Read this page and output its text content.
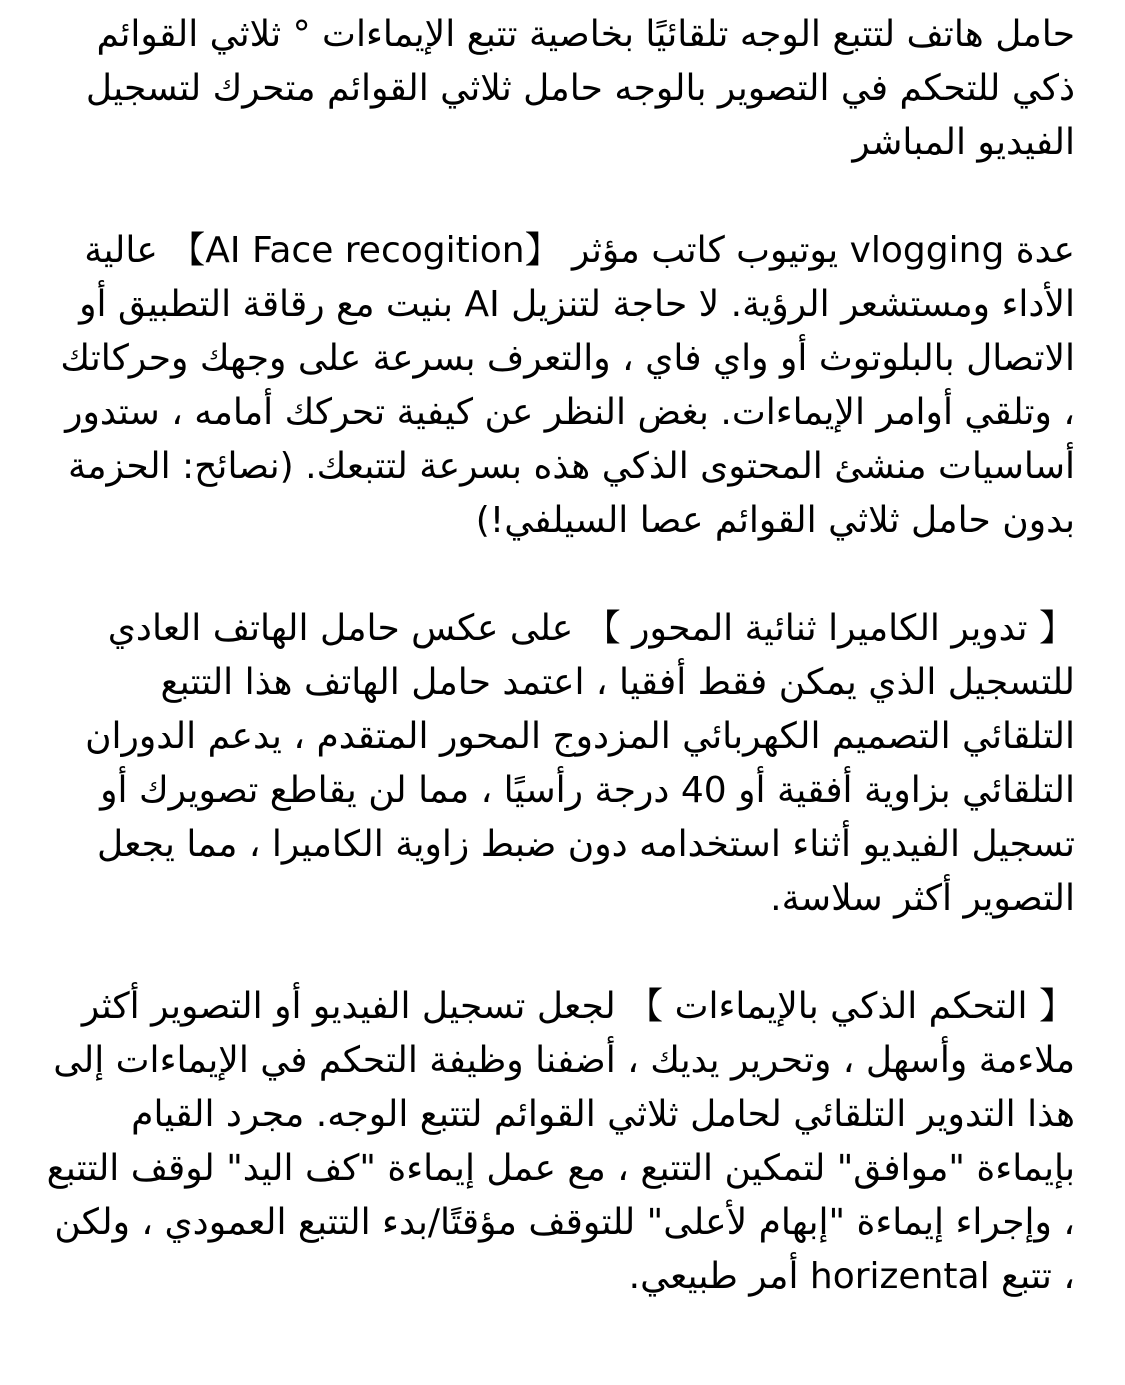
حامل هاتف لتتبع الوجه تلقائيًا بخاصية تتبع الإيماءات ° ثلاثي القوائم ذكي للتحكم في التصوير بالوجه حامل ثلاثي القوائم متحرك لتسجيل الفيديو المباشر

عدة vlogging يوتيوب كاتب مؤثر 【AI Face recogition】 عالية الأداء ومستشعر الرؤية. لا حاجة لتنزيل AI بنيت مع رقاقة التطبيق أو الاتصال بالبلوتوث أو واي فاي ، والتعرف بسرعة على وجهك وحركاتك ، وتلقي أوامر الإيماءات. بغض النظر عن كيفية تحركك أمامه ، ستدور أساسيات منشئ المحتوى الذكي هذه بسرعة لتتبعك. (نصائح: الحزمة بدون حامل ثلاثي القوائم عصا السيلفي!)

【 تدوير الكاميرا ثنائية المحور 】 على عكس حامل الهاتف العادي للتسجيل الذي يمكن فقط أفقيا ، اعتمد حامل الهاتف هذا التتبع التلقائي التصميم الكهربائي المزدوج المحور المتقدم ، يدعم الدوران التلقائي بزاوية أفقية أو 40 درجة رأسيًا ، مما لن يقاطع تصويرك أو تسجيل الفيديو أثناء استخدامه دون ضبط زاوية الكاميرا ، مما يجعل التصوير أكثر سلاسة.

【 التحكم الذكي بالإيماءات 】 لجعل تسجيل الفيديو أو التصوير أكثر ملاءمة وأسهل ، وتحرير يديك ، أضفنا وظيفة التحكم في الإيماءات إلى هذا التدوير التلقائي لحامل ثلاثي القوائم لتتبع الوجه. مجرد القيام بإيماءة "موافق" لتمكين التتبع ، مع عمل إيماءة "كف اليد" لوقف التتبع ، وإجراء إيماءة "إبهام لأعلى" للتوقف مؤقتًا/بدء التتبع العمودي ، ولكن ، تتبع horizental أمر طبيعي.
